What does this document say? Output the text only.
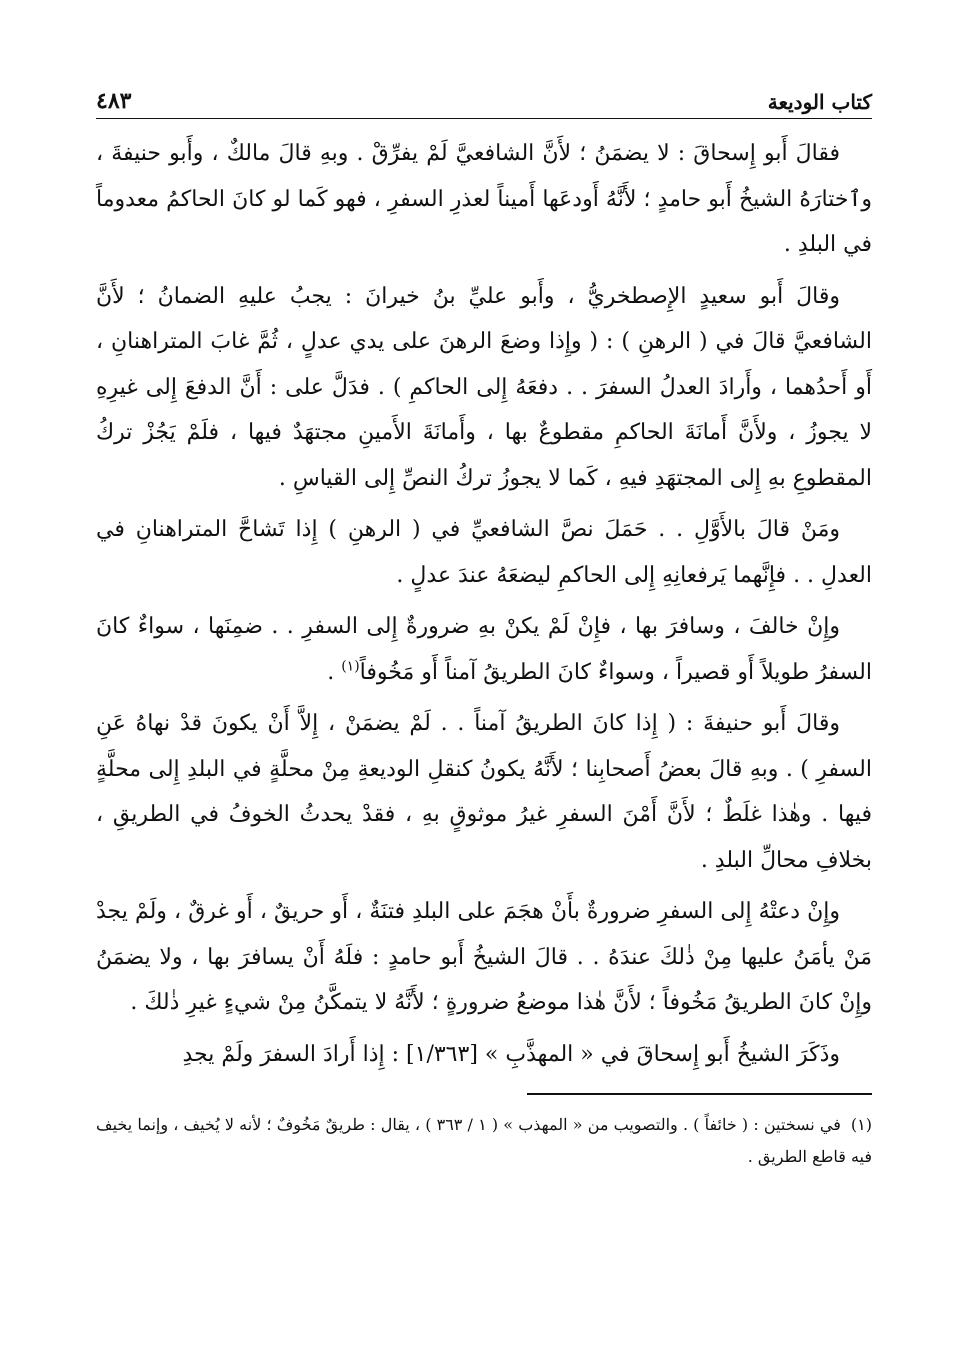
كتاب الوديعة
٤٨٣

فقالَ أَبو إِسحاقَ : لا يضمَنُ ؛ لأَنَّ الشافعيَّ لَمْ يفرِّقْ . وبهِ قالَ مالكٌ ، وأَبو حنيفةَ ، وٱختارَهُ الشيخُ أَبو حامدٍ ؛ لأَنَّهُ أَودعَها أَميناً لعذرِ السفرِ ، فهو كَما لو كانَ الحاكمُ معدوماً في البلدِ .

وقالَ أَبو سعيدٍ الإِصطخريُّ ، وأَبو عليِّ بنُ خيرانَ : يجبُ عليهِ الضمانُ ؛ لأَنَّ الشافعيَّ قالَ في ( الرهنِ ) : ( وإِذا وضعَ الرهنَ على يدي عدلٍ ، ثُمَّ غابَ المتراهنانِ ، أَو أَحدُهما ، وأَرادَ العدلُ السفرَ . . دفعَهُ إِلى الحاكمِ ) . فدَلَّ على : أَنَّ الدفعَ إِلى غيرِهِ لا يجوزُ ، ولأَنَّ أَمانَةَ الحاكمِ مقطوعٌ بها ، وأَمانَةَ الأَمينِ مجتهَدٌ فيها ، فلَمْ يَجُزْ تركُ المقطوعِ بهِ إِلى المجتهَدِ فيهِ ، كَما لا يجوزُ تركُ النصِّ إِلى القياسِ .

ومَنْ قالَ بالأَوَّلِ . . حَمَلَ نصَّ الشافعيِّ في ( الرهنِ ) إِذا تَشاحَّ المتراهنانِ في العدلِ . . فإِنَّهما يَرفعانِهِ إِلى الحاكمِ ليضعَهُ عندَ عدلٍ .

وإِنْ خالفَ ، وسافرَ بها ، فإِنْ لَمْ يكنْ بهِ ضرورةٌ إِلى السفرِ . . ضمِنَها ، سواءٌ كانَ السفرُ طويلاً أَو قصيراً ، وسواءٌ كانَ الطريقُ آمناً أَو مَخُوفاً$^{(١)}$ .

وقالَ أَبو حنيفةَ : ( إِذا كانَ الطريقُ آمناً . . لَمْ يضمَنْ ، إِلاَّ أَنْ يكونَ قدْ نهاهُ عَنِ السفرِ ) . وبهِ قالَ بعضُ أَصحابِنا ؛ لأَنَّهُ يكونُ كنقلِ الوديعةِ مِنْ محلَّةٍ في البلدِ إِلى محلَّةٍ فيها . وهٰذا غلَطٌ ؛ لأَنَّ أَمْنَ السفرِ غيرُ موثوقٍ بهِ ، فقدْ يحدثُ الخوفُ في الطريقِ ، بخلافِ محالِّ البلدِ .

وإِنْ دعتْهُ إِلى السفرِ ضرورةٌ بأَنْ هجَمَ على البلدِ فتنَةٌ ، أَو حريقٌ ، أَو غرقٌ ، ولَمْ يجدْ مَنْ يأمَنُ عليها مِنْ ذٰلكَ عندَهُ . . قالَ الشيخُ أَبو حامدٍ : فلَهُ أَنْ يسافرَ بها ، ولا يضمَنُ وإِنْ كانَ الطريقُ مَخُوفاً ؛ لأَنَّ هٰذا موضعُ ضرورةٍ ؛ لأَنَّهُ لا يتمكَّنُ مِنْ شيءٍ غيرِ ذٰلكَ .

وذَكَرَ الشيخُ أَبو إِسحاقَ في « المهذَّبِ » [١/٣٦٣] : إِذا أَرادَ السفرَ ولَمْ يجدِ

(١)في نسختين : ( خائفاً ) . والتصويب من « المهذب » ( ١ / ٣٦٣ ) ، يقال : طريقٌ مَخُوفٌ ؛ لأنه لا يُخيف ، وإنما يخيف فيه قاطع الطريق .
